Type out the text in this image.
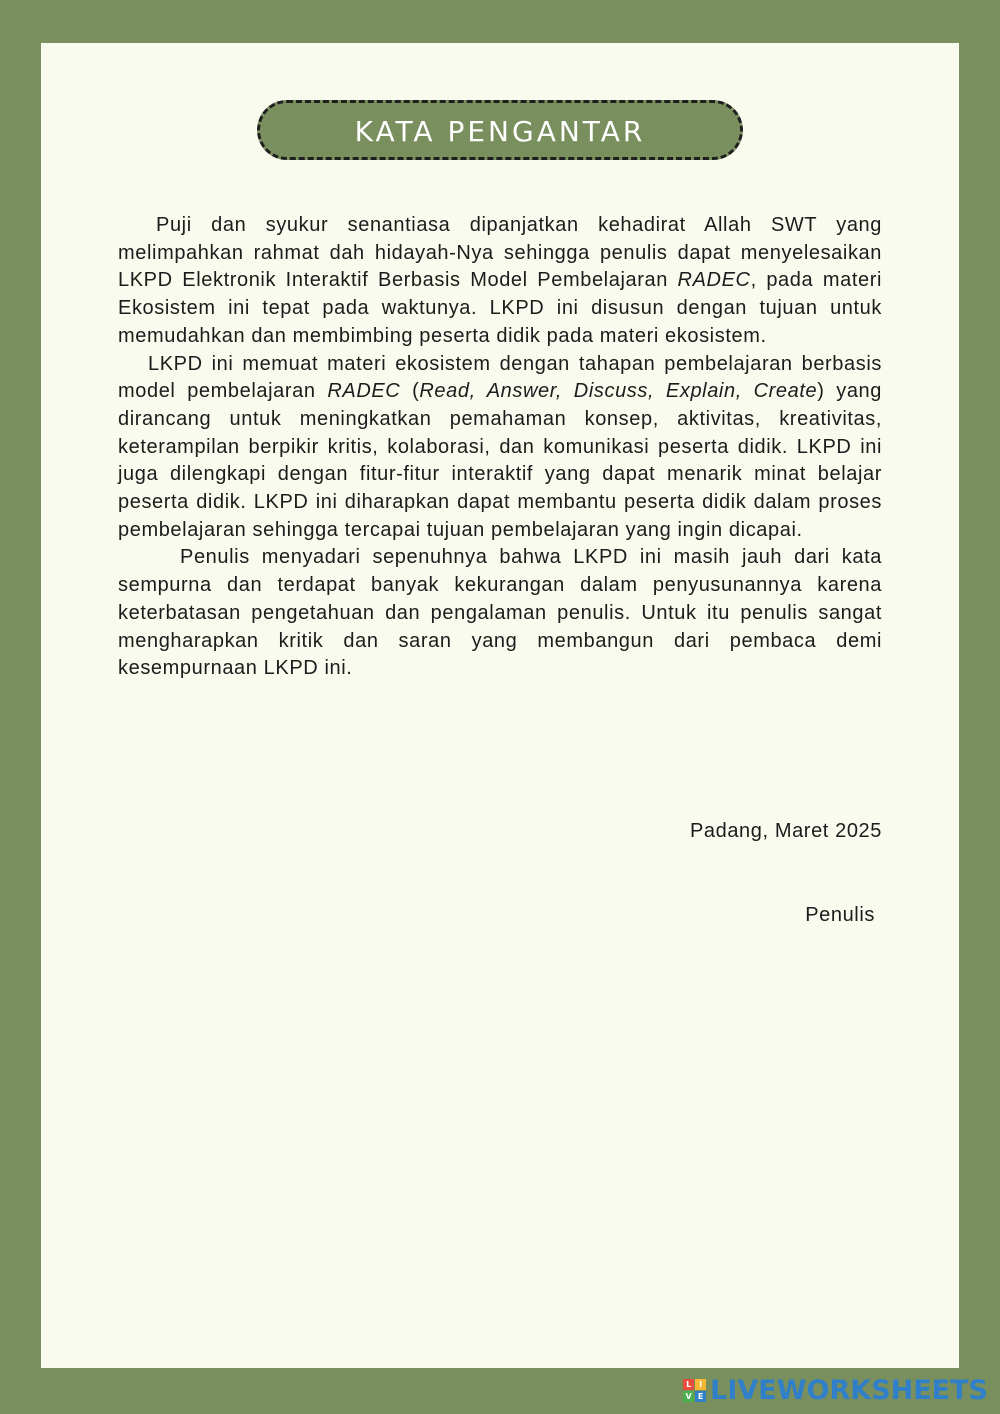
KATA PENGANTAR

Puji dan syukur senantiasa dipanjatkan kehadirat Allah SWT yang melimpahkan rahmat dah hidayah-Nya sehingga penulis dapat menyelesaikan LKPD Elektronik Interaktif Berbasis Model Pembelajaran RADEC, pada materi Ekosistem ini tepat pada waktunya. LKPD ini disusun dengan tujuan untuk memudahkan dan membimbing peserta didik pada materi ekosistem.

LKPD ini memuat materi ekosistem dengan tahapan pembelajaran berbasis model pembelajaran RADEC (Read, Answer, Discuss, Explain, Create) yang dirancang untuk meningkatkan pemahaman konsep, aktivitas, kreativitas, keterampilan berpikir kritis, kolaborasi, dan komunikasi peserta didik. LKPD ini juga dilengkapi dengan fitur-fitur interaktif yang dapat menarik minat belajar peserta didik. LKPD ini diharapkan dapat membantu peserta didik dalam proses pembelajaran sehingga tercapai tujuan pembelajaran yang ingin dicapai.

Penulis menyadari sepenuhnya bahwa LKPD ini masih jauh dari kata sempurna dan terdapat banyak kekurangan dalam penyusunannya karena keterbatasan pengetahuan dan pengalaman penulis. Untuk itu penulis sangat mengharapkan kritik dan saran yang membangun dari pembaca demi kesempurnaan LKPD ini.

Padang, Maret 2025
Penulis
L I
V E LIVEWORKSHEETS
